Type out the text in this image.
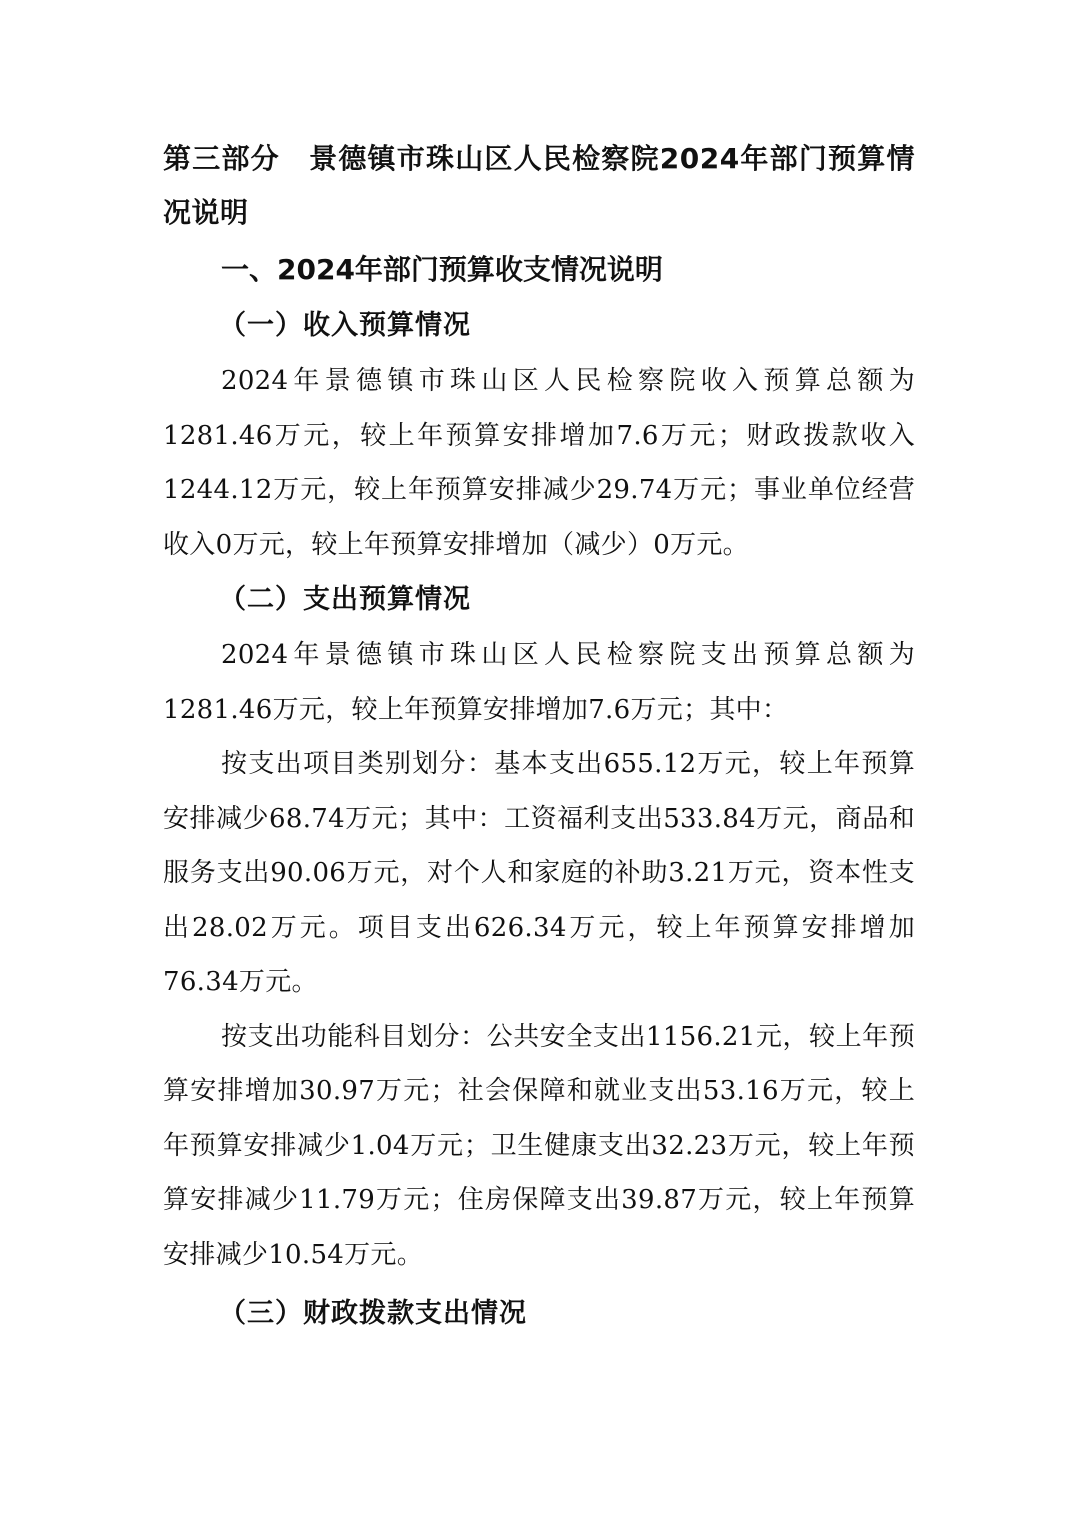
第三部分　景德镇市珠山区人民检察院2024年部门预算情况说明
一、2024年部门预算收支情况说明
（一）收入预算情况

2024年景德镇市珠山区人民检察院收入预算总额为1281.46万元，较上年预算安排增加7.6万元；财政拨款收入1244.12万元，较上年预算安排减少29.74万元；事业单位经营收入0万元，较上年预算安排增加（减少）0万元。

（二）支出预算情况

2024年景德镇市珠山区人民检察院支出预算总额为1281.46万元，较上年预算安排增加7.6万元；其中：

按支出项目类别划分：基本支出655.12万元，较上年预算安排减少68.74万元；其中：工资福利支出533.84万元，商品和服务支出90.06万元，对个人和家庭的补助3.21万元，资本性支出28.02万元。项目支出626.34万元，较上年预算安排增加76.34万元。

按支出功能科目划分：公共安全支出1156.21元，较上年预算安排增加30.97万元；社会保障和就业支出53.16万元，较上年预算安排减少1.04万元；卫生健康支出32.23万元，较上年预算安排减少11.79万元；住房保障支出39.87万元，较上年预算安排减少10.54万元。

（三）财政拨款支出情况
